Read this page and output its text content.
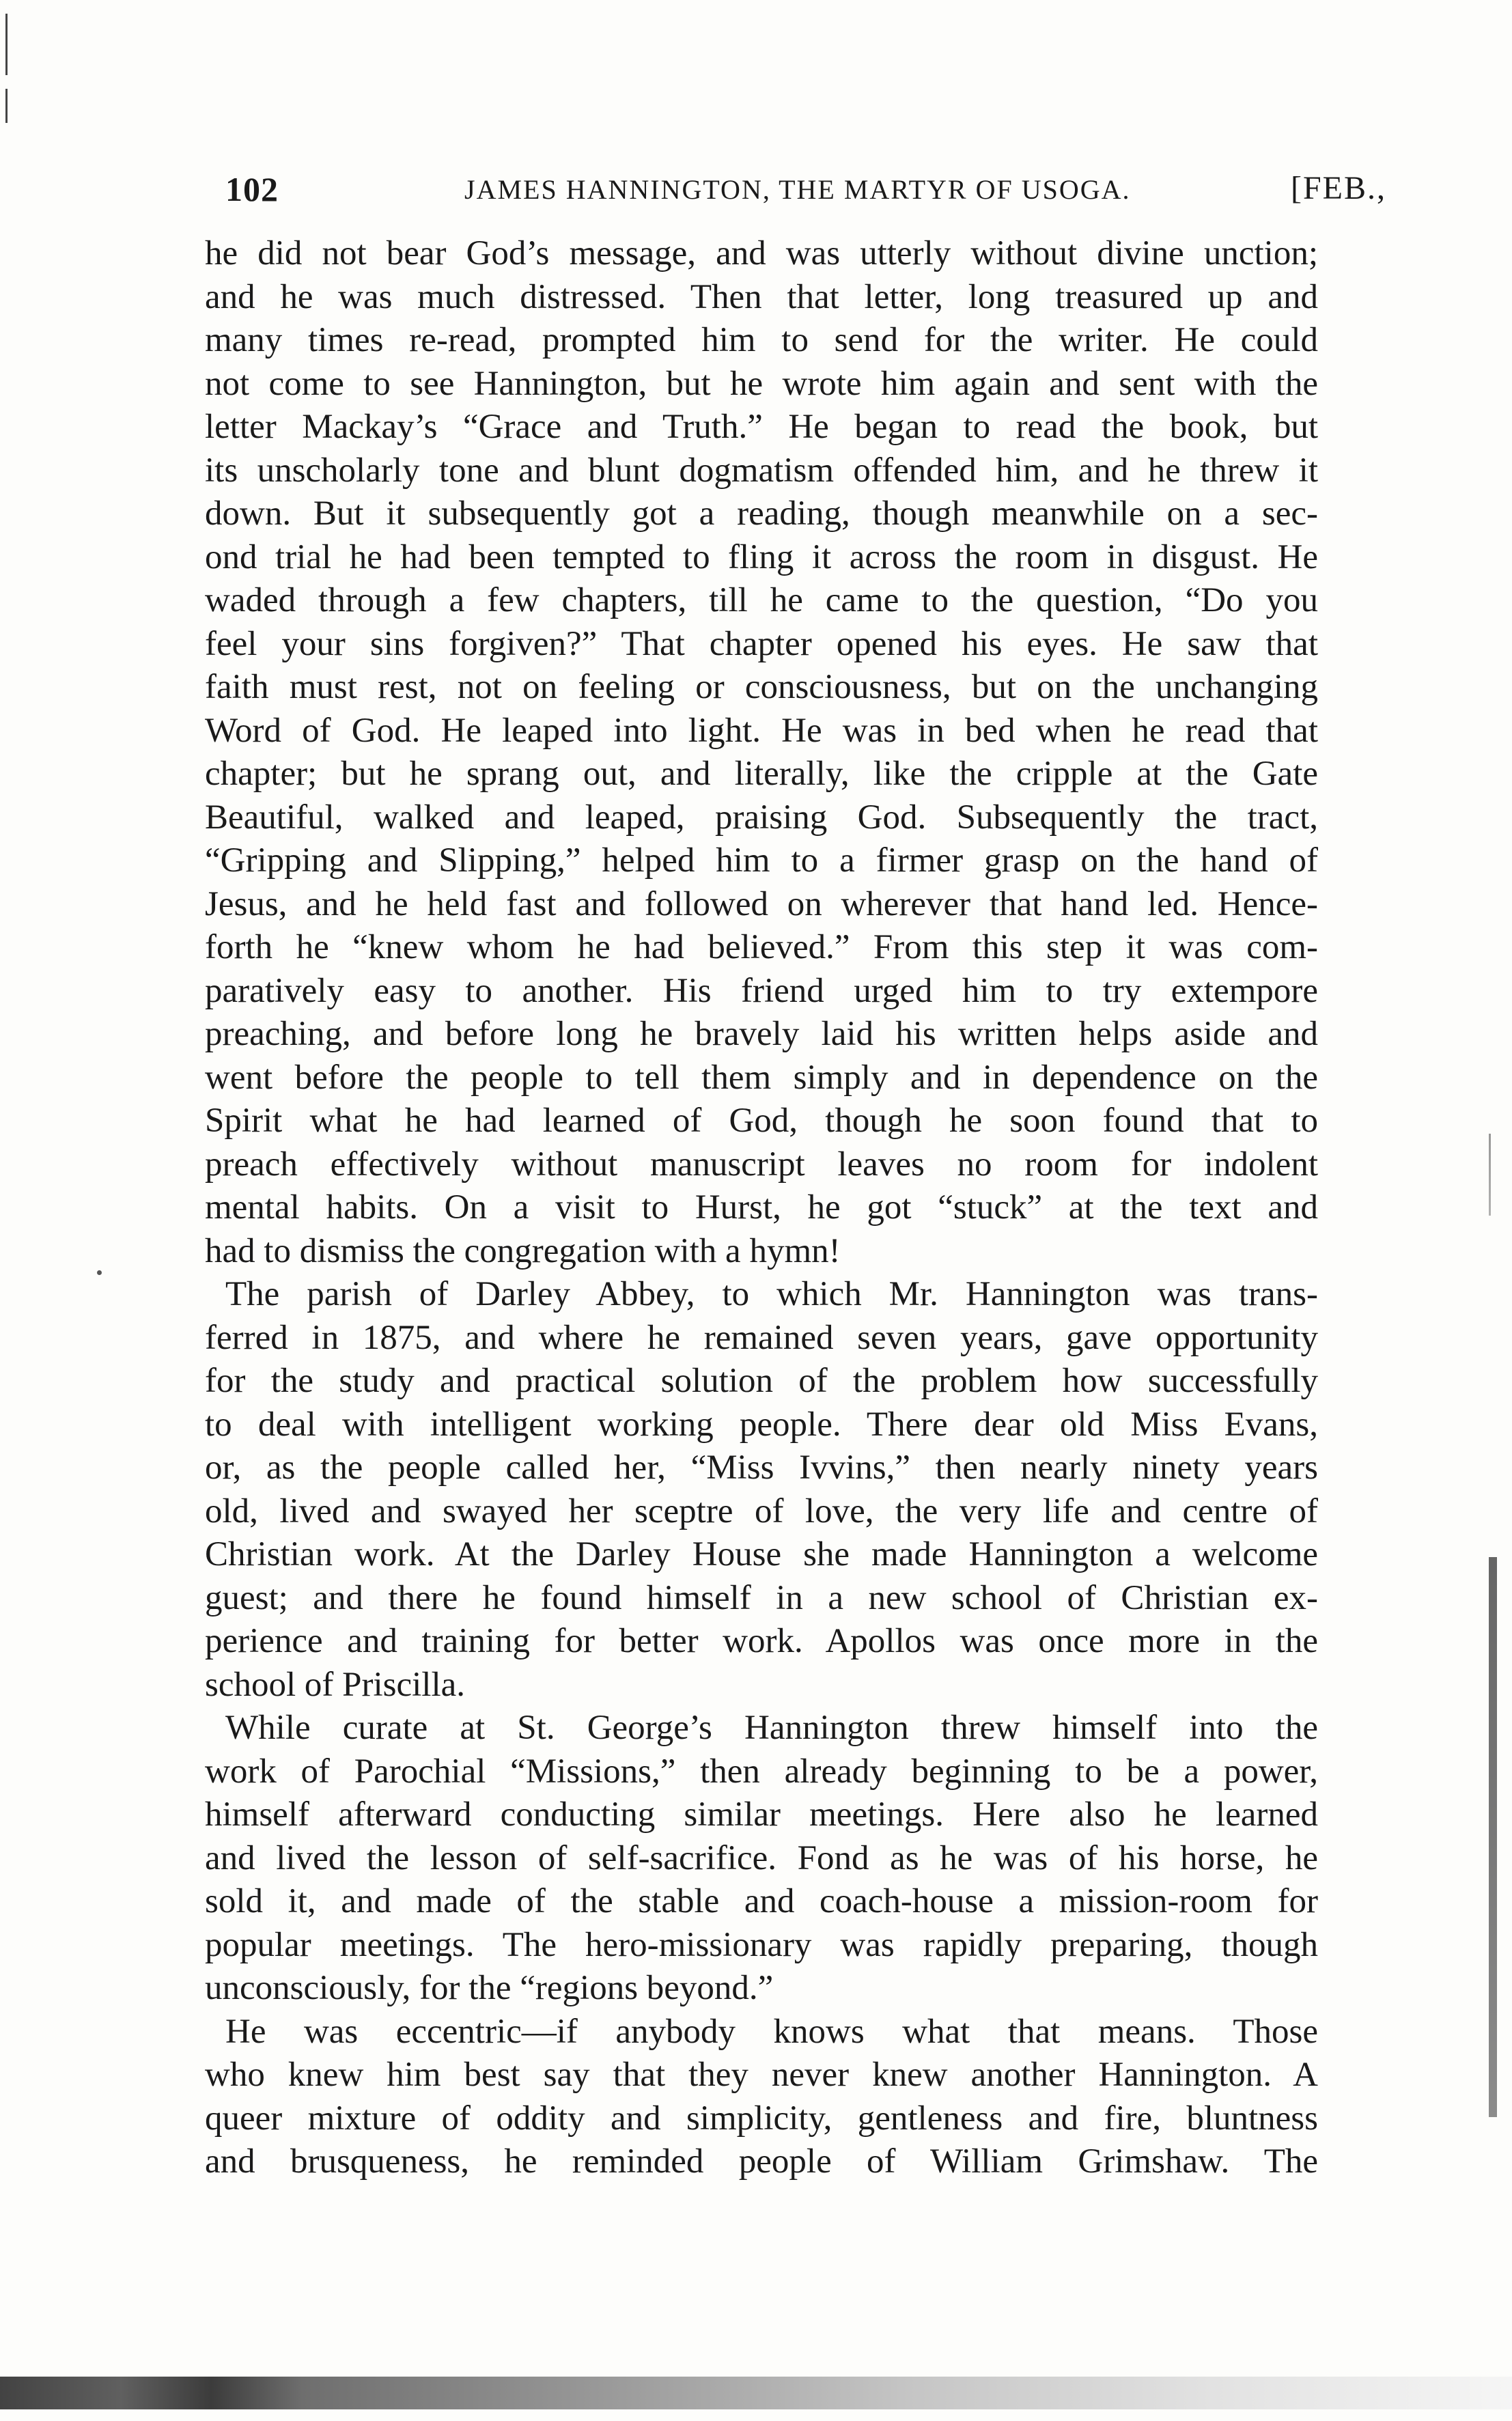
102	JAMES HANNINGTON, THE MARTYR OF USOGA.	[FEB.,
he did not bear God’s message, and was utterly without divine unction;
and he was much distressed. Then that letter, long treasured up and
many times re-read, prompted him to send for the writer. He could
not come to see Hannington, but he wrote him again and sent with the
letter Mackay’s “Grace and Truth.” He began to read the book, but
its unscholarly tone and blunt dogmatism offended him, and he threw it
down. But it subsequently got a reading, though meanwhile on a sec-
ond trial he had been tempted to fling it across the room in disgust. He
waded through a few chapters, till he came to the question, “Do you
feel your sins forgiven?” That chapter opened his eyes. He saw that
faith must rest, not on feeling or consciousness, but on the unchanging
Word of God. He leaped into light. He was in bed when he read that
chapter; but he sprang out, and literally, like the cripple at the Gate
Beautiful, walked and leaped, praising God. Subsequently the tract,
“Gripping and Slipping,” helped him to a firmer grasp on the hand of
Jesus, and he held fast and followed on wherever that hand led. Hence-
forth he “knew whom he had believed.” From this step it was com-
paratively easy to another. His friend urged him to try extempore
preaching, and before long he bravely laid his written helps aside and
went before the people to tell them simply and in dependence on the
Spirit what he had learned of God, though he soon found that to
preach effectively without manuscript leaves no room for indolent
mental habits. On a visit to Hurst, he got “stuck” at the text and
had to dismiss the congregation with a hymn!
The parish of Darley Abbey, to which Mr. Hannington was trans-
ferred in 1875, and where he remained seven years, gave opportunity
for the study and practical solution of the problem how successfully
to deal with intelligent working people. There dear old Miss Evans,
or, as the people called her, “Miss Ivvins,” then nearly ninety years
old, lived and swayed her sceptre of love, the very life and centre of
Christian work. At the Darley House she made Hannington a welcome
guest; and there he found himself in a new school of Christian ex-
perience and training for better work. Apollos was once more in the
school of Priscilla.
While curate at St. George’s Hannington threw himself into the
work of Parochial “Missions,” then already beginning to be a power,
himself afterward conducting similar meetings. Here also he learned
and lived the lesson of self-sacrifice. Fond as he was of his horse, he
sold it, and made of the stable and coach-house a mission-room for
popular meetings. The hero-missionary was rapidly preparing, though
unconsciously, for the “regions beyond.”
He was eccentric—if anybody knows what that means. Those
who knew him best say that they never knew another Hannington. A
queer mixture of oddity and simplicity, gentleness and fire, bluntness
and brusqueness, he reminded people of William Grimshaw. The
